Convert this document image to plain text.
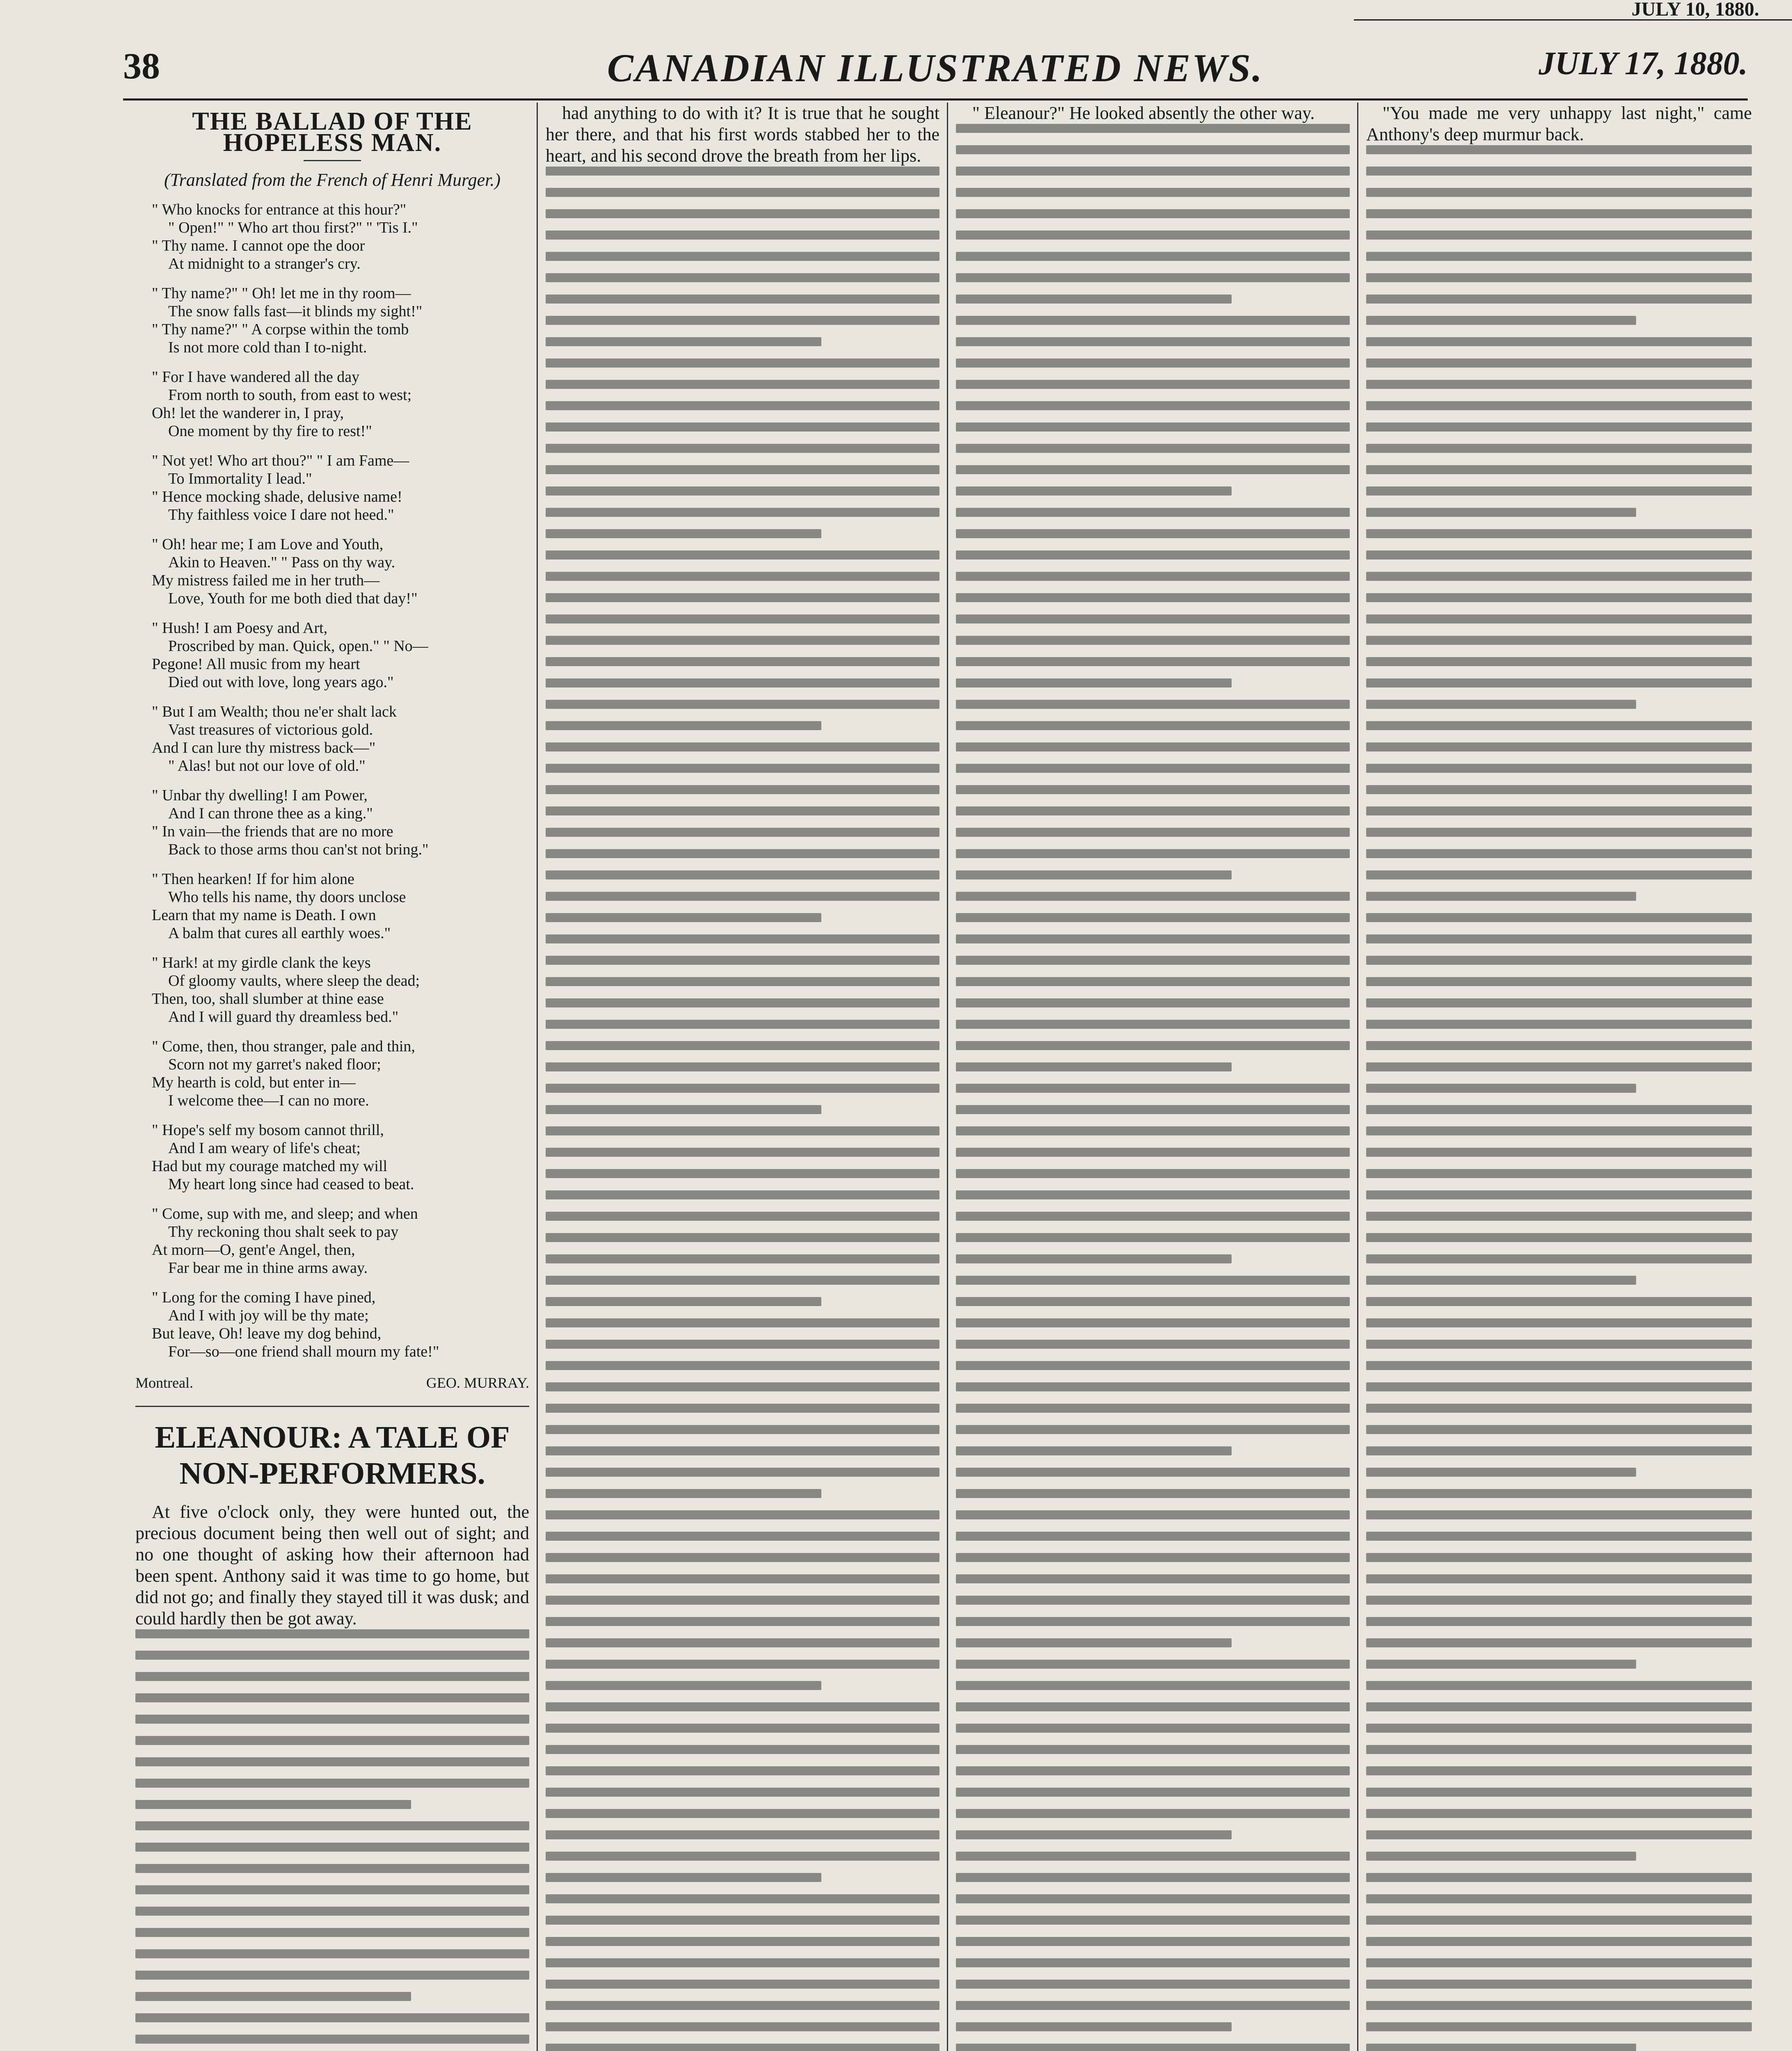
JULY 10, 1880.
38	CANADIAN ILLUSTRATED NEWS.	JULY 17, 1880.
THE BALLAD OF THE HOPELESS MAN.
(Translated from the French of Henri Murger.)
" Who knocks for entrance at this hour?"
" Open!" " Who art thou first?" " 'Tis I."
" Thy name. I cannot ope the door
At midnight to a stranger's cry.
" Thy name?" " Oh! let me in thy room—
The snow falls fast—it blinds my sight!"
" Thy name?" " A corpse within the tomb
Is not more cold than I to-night.
" For I have wandered all the day
From north to south, from east to west;
Oh! let the wanderer in, I pray,
One moment by thy fire to rest!"
" Not yet! Who art thou?" " I am Fame—
To Immortality I lead."
" Hence mocking shade, delusive name!
Thy faithless voice I dare not heed."
" Oh! hear me; I am Love and Youth,
Akin to Heaven." " Pass on thy way.
My mistress failed me in her truth—
Love, Youth for me both died that day!"
" Hush! I am Poesy and Art,
Proscribed by man. Quick, open." " No—
Pegone! All music from my heart
Died out with love, long years ago."
" But I am Wealth; thou ne'er shalt lack
Vast treasures of victorious gold.
And I can lure thy mistress back—"
" Alas! but not our love of old."
" Unbar thy dwelling! I am Power,
And I can throne thee as a king."
" In vain—the friends that are no more
Back to those arms thou can'st not bring."
" Then hearken! If for him alone
Who tells his name, thy doors unclose
Learn that my name is Death. I own
A balm that cures all earthly woes."
" Hark! at my girdle clank the keys
Of gloomy vaults, where sleep the dead;
Then, too, shall slumber at thine ease
And I will guard thy dreamless bed."
" Come, then, thou stranger, pale and thin,
Scorn not my garret's naked floor;
My hearth is cold, but enter in—
I welcome thee—I can no more.
" Hope's self my bosom cannot thrill,
And I am weary of life's cheat;
Had but my courage matched my will
My heart long since had ceased to beat.
" Come, sup with me, and sleep; and when
Thy reckoning thou shalt seek to pay
At morn—O, gent'e Angel, then,
Far bear me in thine arms away.
" Long for the coming I have pined,
And I with joy will be thy mate;
But leave, Oh! leave my dog behind,
For—so—one friend shall mourn my fate!"
Montreal.	GEO. MURRAY.
ELEANOUR: A TALE OF NON-PERFORMERS.

At five o'clock only, they were hunted out, the precious document being then well out of sight; and no one thought of asking how their afternoon had been spent. Anthony said it was time to go home, but did not go; and finally they stayed till it was dusk; and could hardly then be got away.

had anything to do with it? It is true that he sought her there, and that his first words stabbed her to the heart, and his second drove the breath from her lips.

" Eleanour?" He looked absently the other way.	"You made me very unhappy last night," came Anthony's deep murmur back.
